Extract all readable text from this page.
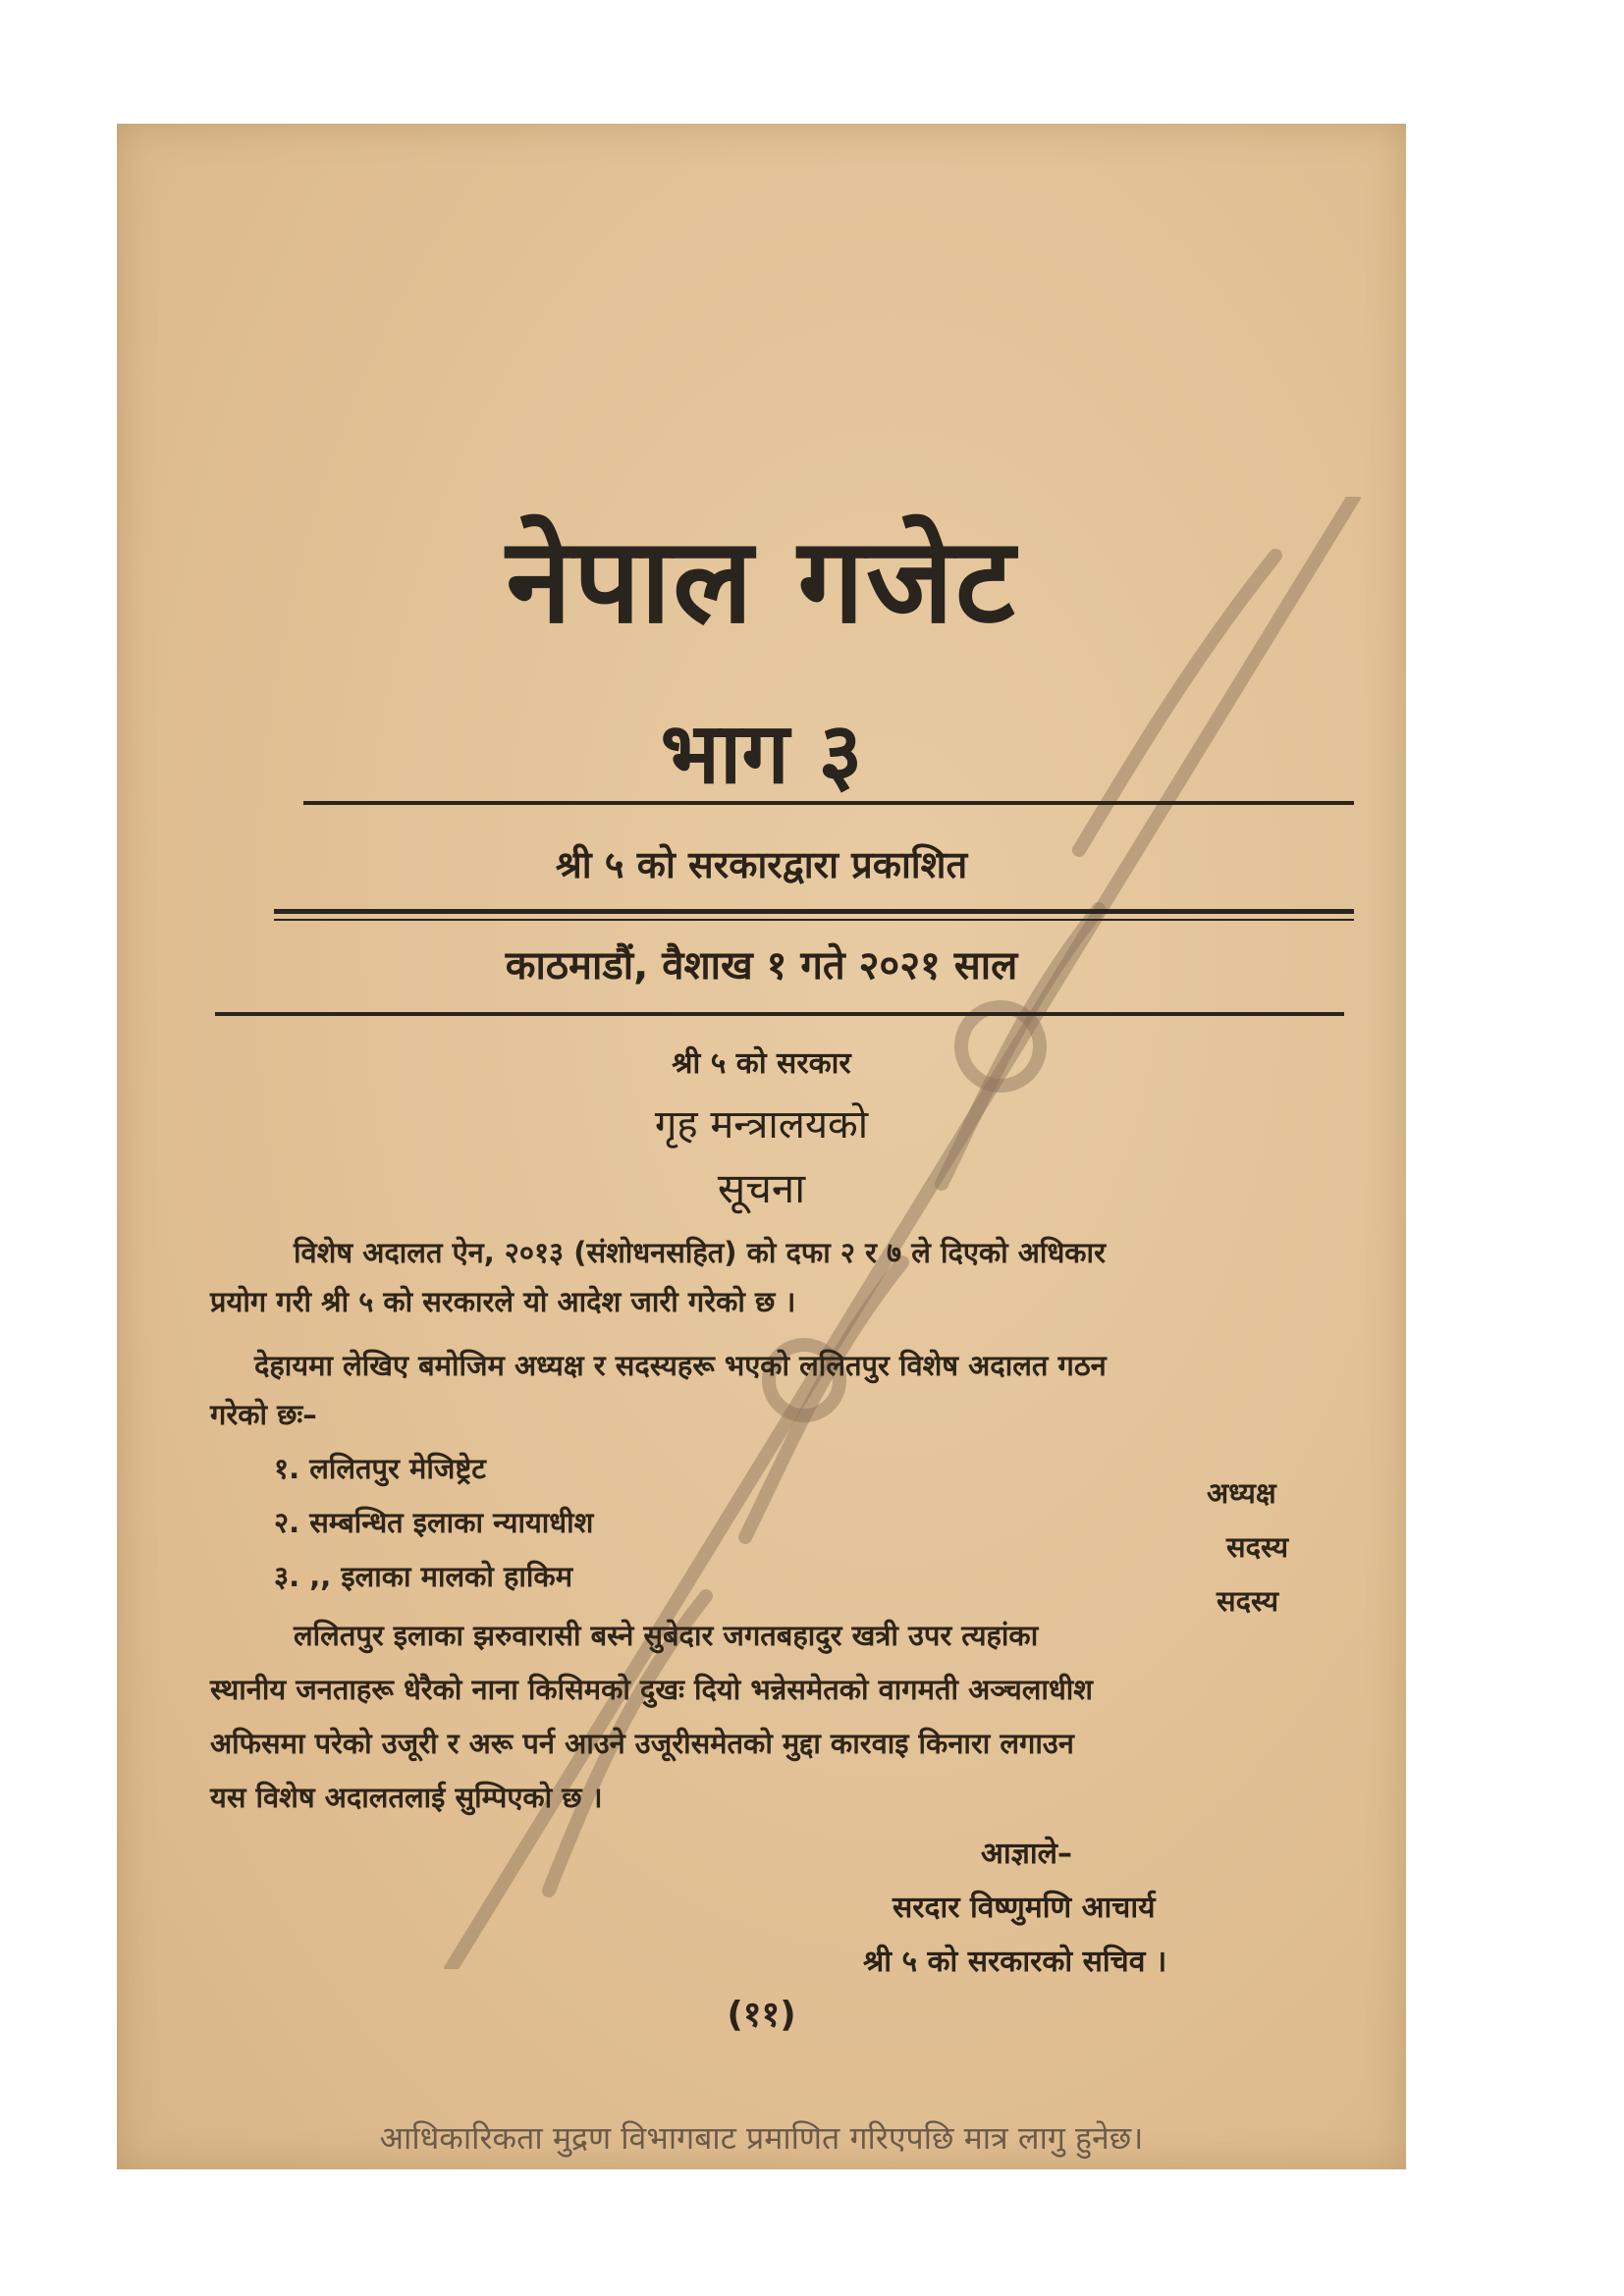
नेपाल गजेट
भाग ३
श्री ५ को सरकारद्वारा प्रकाशित
काठमाडौं, वैशाख १ गते २०२१ साल
श्री ५ को सरकार
गृह मन्त्रालयको
सूचना
विशेष अदालत ऐन, २०१३ (संशोधनसहित) को दफा २ र ७ ले दिएको अधिकार
प्रयोग गरी श्री ५ को सरकारले यो आदेश जारी गरेको छ ।
देहायमा लेखिए बमोजिम अध्यक्ष र सदस्यहरू भएको ललितपुर विशेष अदालत गठन
गरेको छः–
१. ललितपुर मेजिष्ट्रेट
अध्यक्ष
२. सम्बन्धित इलाका न्यायाधीश
सदस्य
३. ,, इलाका मालको हाकिम
सदस्य
ललितपुर इलाका झरुवारासी बस्ने सुबेदार जगतबहादुर खत्री उपर त्यहांका
स्थानीय जनताहरू धेरैको नाना किसिमको दुखः दियो भन्नेसमेतको वागमती अञ्चलाधीश
अफिसमा परेको उजूरी र अरू पर्न आउने उजूरीसमेतको मुद्दा कारवाइ किनारा लगाउन
यस विशेष अदालतलाई सुम्पिएको छ ।
आज्ञाले–
सरदार विष्णुमणि आचार्य
श्री ५ को सरकारको सचिव ।
(११)
आधिकारिकता मुद्रण विभागबाट प्रमाणित गरिएपछि मात्र लागु हुनेछ।
